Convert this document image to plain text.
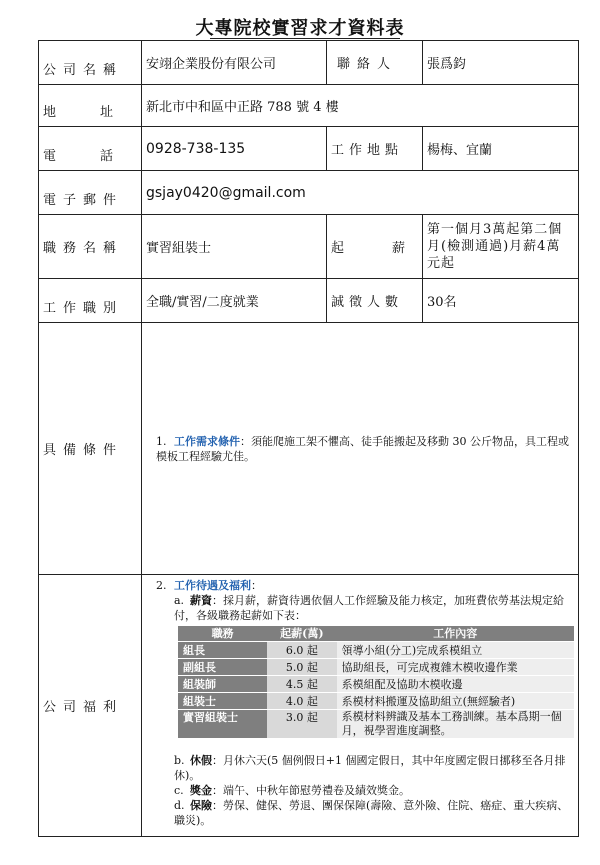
大專院校實習求才資料表
公司名稱	安翊企業股份有限公司	聯絡人	張爲鈞
地址	新北市中和區中正路 788 號 4 樓
電話	0928-738-135	工作地點	楊梅、宜蘭
電子郵件	gsjay0420@gmail.com
職務名稱	實習組裝士	起薪	第一個月3萬起第二個月(檢測通過)月薪4萬元起
工作職別	全職/實習/二度就業	誠徵人數	30名
具備條件	
1. 工作需求條件：須能爬施工架不懼高、徒手能搬起及移動 30 公斤物品，具工程或模板工程經驗尤佳。

公司福利	
2. 工作待遇及福利：
a. 薪資：採月薪，薪資待遇依個人工作經驗及能力核定，加班費依勞基法規定給付，各級職務起薪如下表：
職務	起薪(萬)	工作內容
組長	6.0 起	領導小組(分工)完成系模組立
副組長	5.0 起	協助組長，可完成複雜木模收邊作業
組裝師	4.5 起	系模組配及協助木模收邊
組裝士	4.0 起	系模材料搬運及協助組立(無經驗者)
實習組裝士	3.0 起	系模材料辨識及基本工務訓練。基本爲期一個月，視學習進度調整。
b. 休假：月休六天(5 個例假日+1 個國定假日，其中年度國定假日挪移至各月排休)。
c. 獎金：端午、中秋年節慰勞禮卷及績效獎金。
d. 保險：勞保、健保、勞退、團保保障(壽險、意外險、住院、癌症、重大疾病、職災)。
